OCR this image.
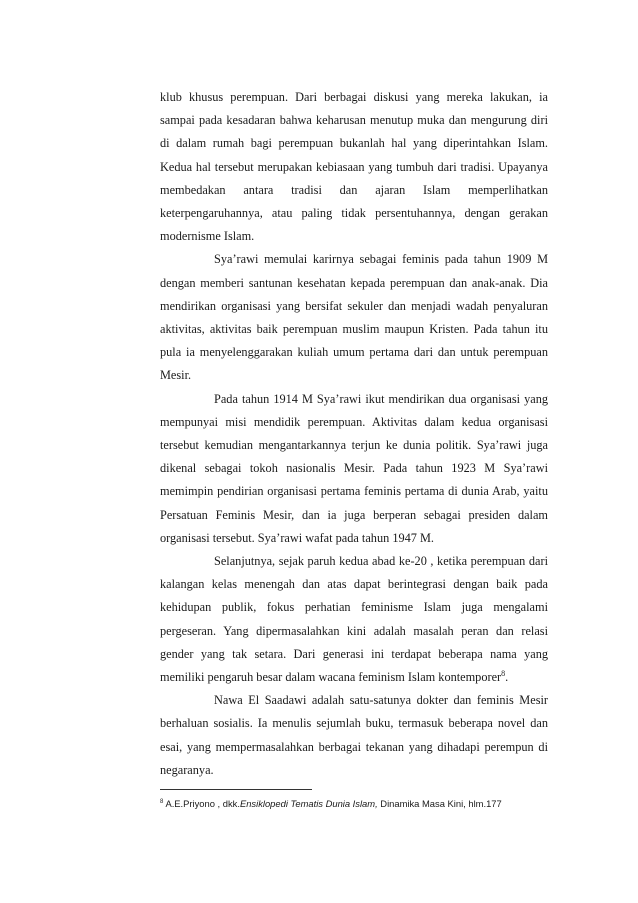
klub khusus perempuan. Dari berbagai diskusi yang mereka lakukan, ia sampai pada kesadaran bahwa keharusan menutup muka dan mengurung diri di dalam rumah bagi perempuan bukanlah hal yang diperintahkan Islam. Kedua hal tersebut merupakan kebiasaan yang tumbuh dari tradisi. Upayanya membedakan antara tradisi dan ajaran Islam memperlihatkan keterpengaruhannya, atau paling tidak persentuhannya, dengan gerakan modernisme Islam.

Sya’rawi memulai karirnya sebagai feminis pada tahun 1909 M dengan memberi santunan kesehatan kepada perempuan dan anak-anak. Dia mendirikan organisasi yang bersifat sekuler dan menjadi wadah penyaluran aktivitas, aktivitas baik perempuan muslim maupun Kristen. Pada tahun itu pula ia menyelenggarakan kuliah umum pertama dari dan untuk perempuan Mesir.

Pada tahun 1914 M Sya’rawi ikut mendirikan dua organisasi yang mempunyai misi mendidik perempuan. Aktivitas dalam kedua organisasi tersebut kemudian mengantarkannya terjun ke dunia politik. Sya’rawi juga dikenal sebagai tokoh nasionalis Mesir. Pada tahun 1923 M Sya’rawi memimpin pendirian organisasi pertama feminis pertama di dunia Arab, yaitu Persatuan Feminis Mesir, dan ia juga berperan sebagai presiden dalam organisasi tersebut. Sya’rawi wafat pada tahun 1947 M.

Selanjutnya, sejak paruh kedua abad ke-20 , ketika perempuan dari kalangan kelas menengah dan atas dapat berintegrasi dengan baik pada kehidupan publik, fokus perhatian feminisme Islam juga mengalami pergeseran. Yang dipermasalahkan kini adalah masalah peran dan relasi gender yang tak setara. Dari generasi ini terdapat beberapa nama yang memiliki pengaruh besar dalam wacana feminism Islam kontemporer$^8$.

Nawa El Saadawi adalah satu-satunya dokter dan feminis Mesir berhaluan sosialis. Ia menulis sejumlah buku, termasuk beberapa novel dan esai, yang mempermasalahkan berbagai tekanan yang dihadapi perempun di negaranya.

$^8$ A.E.Priyono , dkk.Ensiklopedi Tematis Dunia Islam, Dinamika Masa Kini, hlm.177
